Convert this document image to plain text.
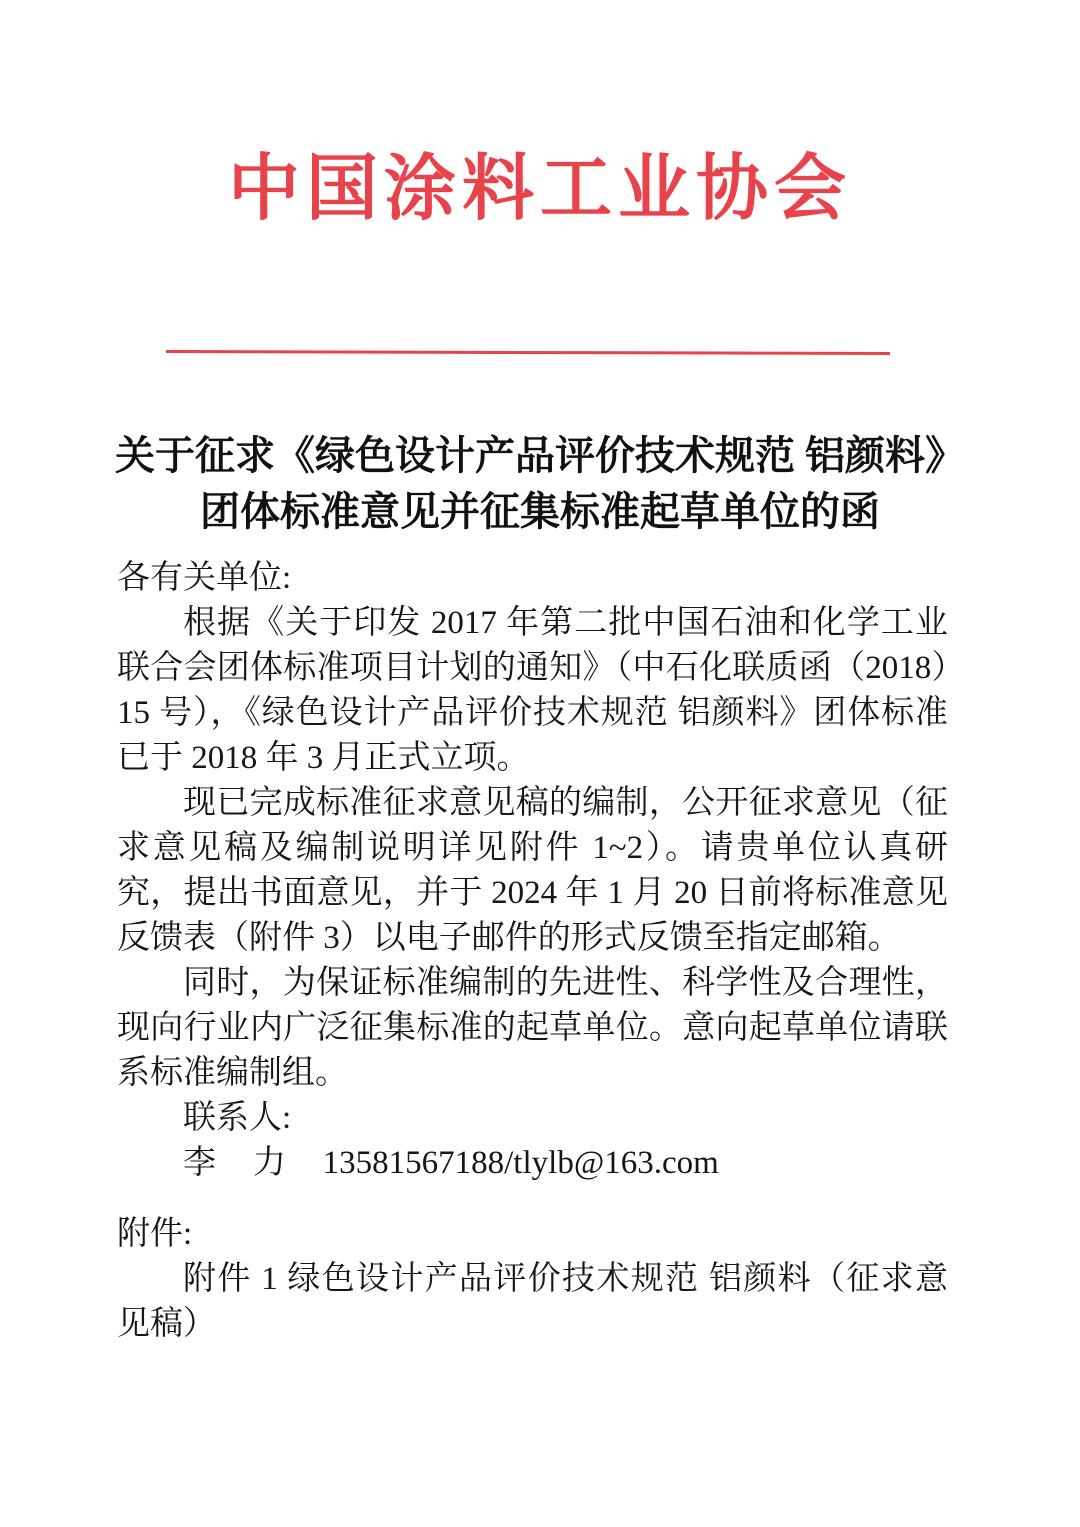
中国涂料工业协会
关于征求《绿色设计产品评价技术规范 铝颜料》
团体标准意见并征集标准起草单位的函
各有关单位:
根据《关于印发 2017 年第二批中国石油和化学工业联合会团体标准项目计划的通知》（中石化联质函（2018）15 号），《绿色设计产品评价技术规范 铝颜料》团体标准已于 2018 年 3 月正式立项。
现已完成标准征求意见稿的编制，公开征求意见（征求意见稿及编制说明详见附件 1~2）。请贵单位认真研究，提出书面意见，并于 2024 年 1 月 20 日前将标准意见反馈表（附件 3）以电子邮件的形式反馈至指定邮箱。
同时，为保证标准编制的先进性、科学性及合理性，现向行业内广泛征集标准的起草单位。意向起草单位请联系标准编制组。
联系人:
李　力 13581567188/tlylb@163.com
附件:
附件 1 绿色设计产品评价技术规范 铝颜料（征求意见稿）
